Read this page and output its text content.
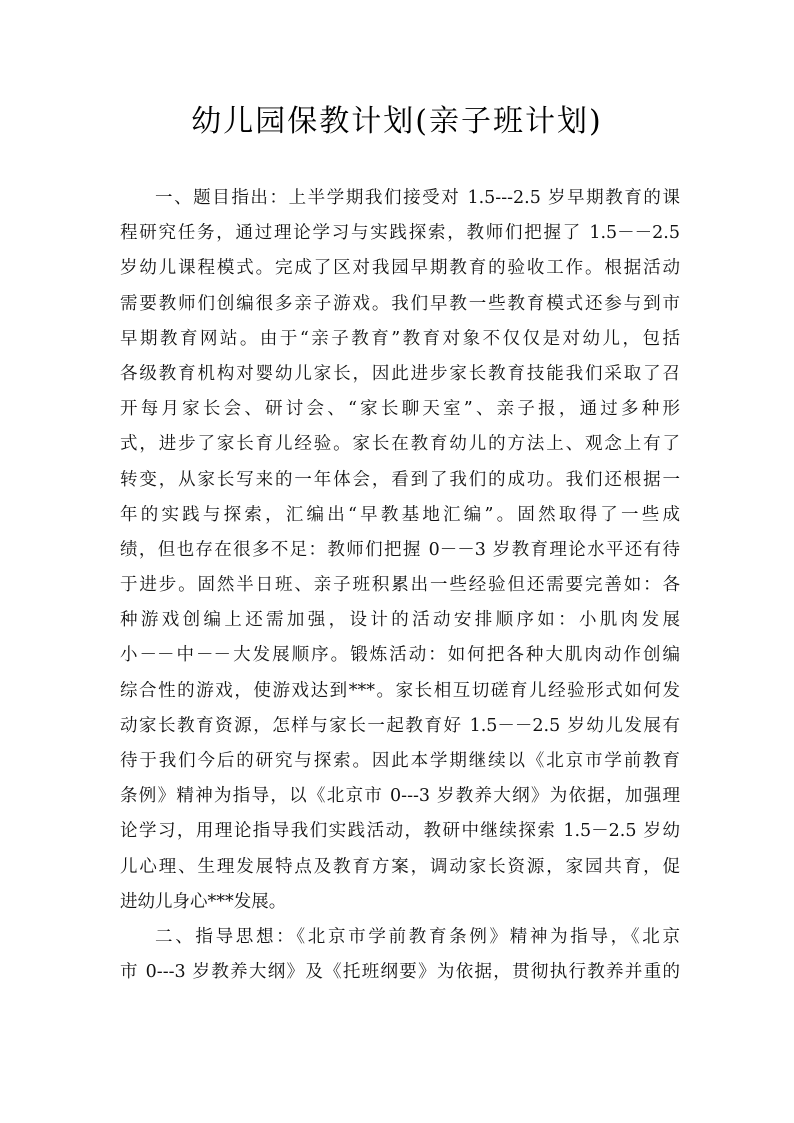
幼儿园保教计划(亲子班计划)
一、题目指出：上半学期我们接受对 1.5---2.5 岁早期教育的课
程研究任务，通过理论学习与实践探索，教师们把握了 1.5－－2.5
岁幼儿课程模式。完成了区对我园早期教育的验收工作。根据活动
需要教师们创编很多亲子游戏。我们早教一些教育模式还参与到市
早期教育网站。由于“亲子教育”教育对象不仅仅是对幼儿，包括
各级教育机构对婴幼儿家长，因此进步家长教育技能我们采取了召
开每月家长会、研讨会、“家长聊天室”、亲子报，通过多种形
式，进步了家长育儿经验。家长在教育幼儿的方法上、观念上有了
转变，从家长写来的一年体会，看到了我们的成功。我们还根据一
年的实践与探索，汇编出“早教基地汇编”。固然取得了一些成
绩，但也存在很多不足：教师们把握 0－－3 岁教育理论水平还有待
于进步。固然半日班、亲子班积累出一些经验但还需要完善如：各
种游戏创编上还需加强，设计的活动安排顺序如：小肌肉发展
小－－中－－大发展顺序。锻炼活动：如何把各种大肌肉动作创编
综合性的游戏，使游戏达到***。家长相互切磋育儿经验形式如何发
动家长教育资源，怎样与家长一起教育好 1.5－－2.5 岁幼儿发展有
待于我们今后的研究与探索。因此本学期继续以《北京市学前教育
条例》精神为指导，以《北京市 0---3 岁教养大纲》为依据，加强理
论学习，用理论指导我们实践活动，教研中继续探索 1.5－2.5 岁幼
儿心理、生理发展特点及教育方案，调动家长资源，家园共育，促
进幼儿身心***发展。
二、指导思想：《北京市学前教育条例》精神为指导，《北京
市 0---3 岁教养大纲》及《托班纲要》为依据，贯彻执行教养并重的
